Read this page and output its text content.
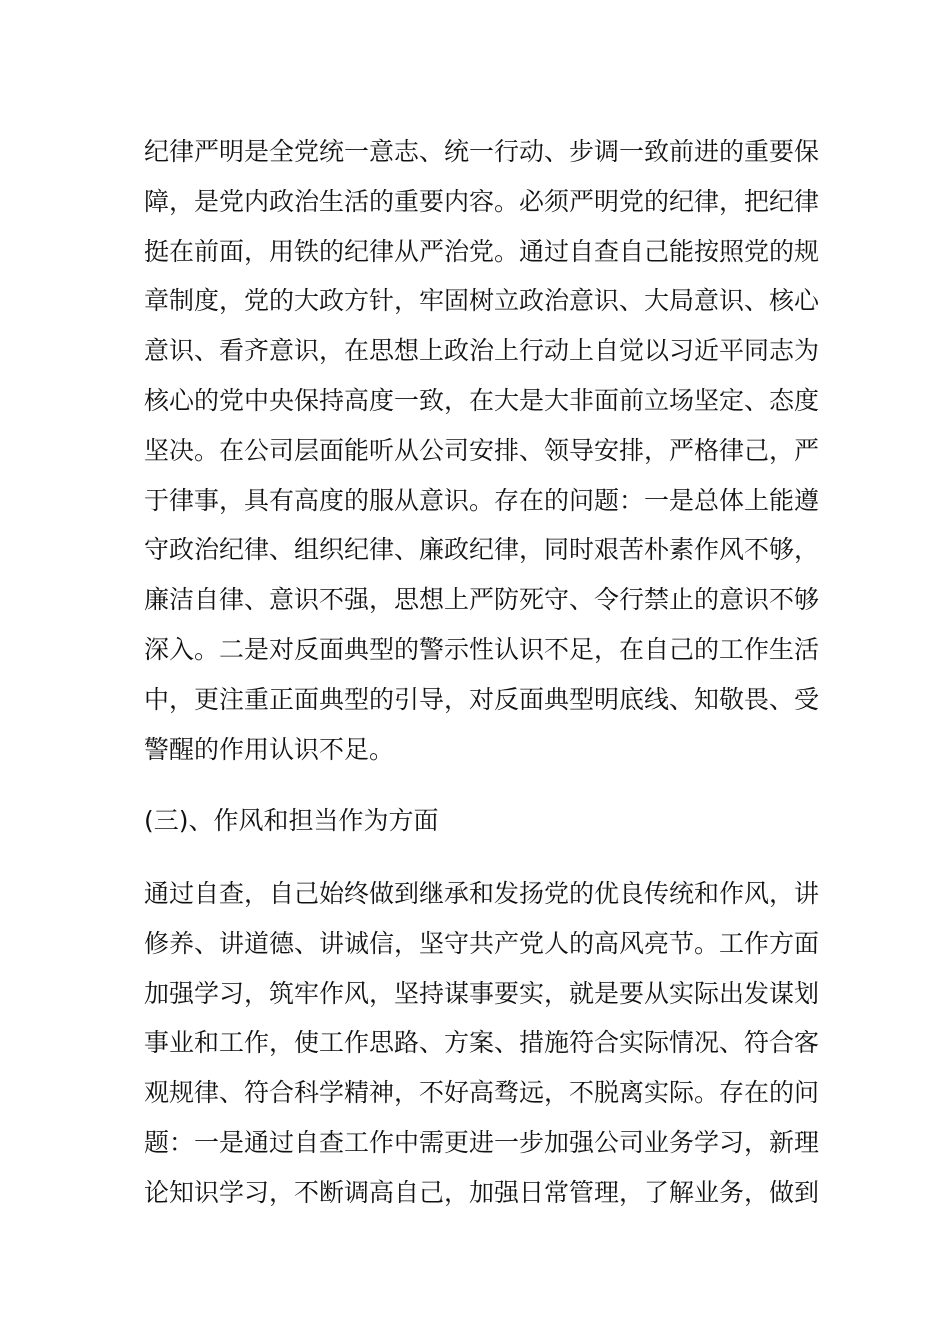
纪律严明是全党统一意志、统一行动、步调一致前进的重要保
障，是党内政治生活的重要内容。必须严明党的纪律，把纪律
挺在前面，用铁的纪律从严治党。通过自查自己能按照党的规
章制度，党的大政方针，牢固树立政治意识、大局意识、核心
意识、看齐意识，在思想上政治上行动上自觉以习近平同志为
核心的党中央保持高度一致，在大是大非面前立场坚定、态度
坚决。在公司层面能听从公司安排、领导安排，严格律己，严
于律事，具有高度的服从意识。存在的问题：一是总体上能遵
守政治纪律、组织纪律、廉政纪律，同时艰苦朴素作风不够，
廉洁自律、意识不强，思想上严防死守、令行禁止的意识不够
深入。二是对反面典型的警示性认识不足，在自己的工作生活
中，更注重正面典型的引导，对反面典型明底线、知敬畏、受
警醒的作用认识不足。
(三)、作风和担当作为方面
通过自查，自己始终做到继承和发扬党的优良传统和作风，讲
修养、讲道德、讲诚信，坚守共产党人的高风亮节。工作方面
加强学习，筑牢作风，坚持谋事要实，就是要从实际出发谋划
事业和工作，使工作思路、方案、措施符合实际情况、符合客
观规律、符合科学精神，不好高骛远，不脱离实际。存在的问
题：一是通过自查工作中需更进一步加强公司业务学习，新理
论知识学习，不断调高自己，加强日常管理，了解业务，做到
